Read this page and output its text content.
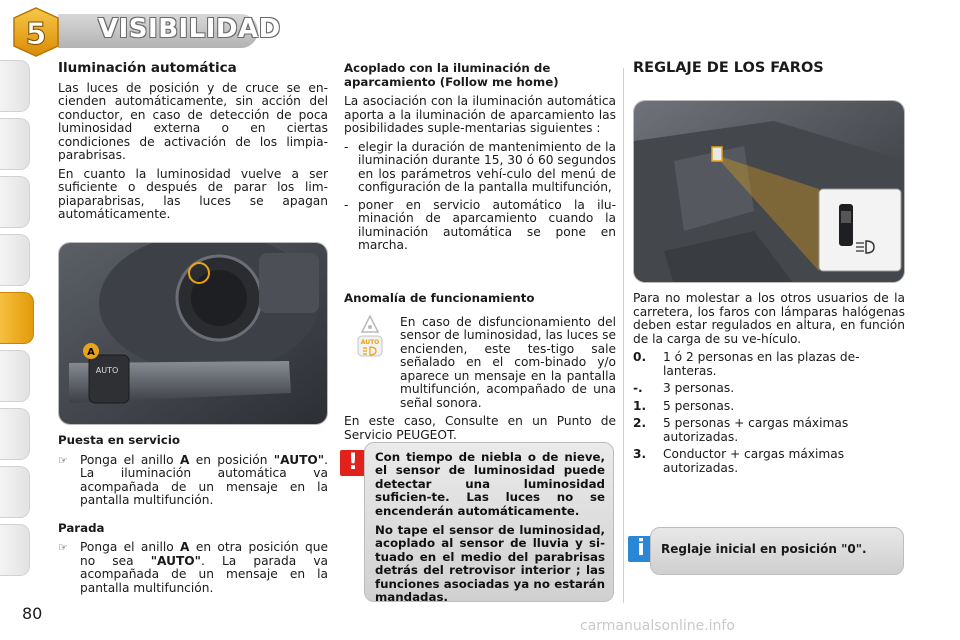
5 VISIBILIDAD
Iluminación automática

Las luces de posición y de cruce se en-cienden automáticamente, sin acción del conductor, en caso de detección de poca luminosidad externa o en ciertas condiciones de activación de los limpia-parabrisas.

En cuanto la luminosidad vuelve a ser suficiente o después de parar los lim-piaparabrisas, las luces se apagan automáticamente.

AUTO
A
Puesta en servicio
☞ Ponga el anillo A en posición "AUTO". La iluminación automática va acompañada de un mensaje en la pantalla multifunción.
Parada
☞ Ponga el anillo A en otra posición que no sea "AUTO". La parada va acompañada de un mensaje en la pantalla multifunción.
Acoplado con la iluminación de aparcamiento (Follow me home)

La asociación con la iluminación automática aporta a la iluminación de aparcamiento las posibilidades suple-mentarias siguientes :

- elegir la duración de mantenimiento de la iluminación durante 15, 30 ó 60 segundos en los parámetros vehí-culo del menú de configuración de la pantalla multifunción,
- poner en servicio automático la ilu-minación de aparcamiento cuando la iluminación automática se pone en marcha.
Anomalía de funcionamiento

En caso de disfuncionamiento del sensor de luminosidad, las luces se encienden, este tes-tigo sale señalado en el com-binado y/o aparece un mensaje en la pantalla multifunción, acompañado de una señal sonora.

En este caso, Consulte en un Punto de Servicio PEUGEOT.

AUTO
!	Con tiempo de niebla o de nieve, el sensor de luminosidad puede detectar una luminosidad suficien-te. Las luces no se encenderán automáticamente.

No tape el sensor de luminosidad, acoplado al sensor de lluvia y si-tuado en el medio del parabrisas detrás del retrovisor interior ; las funciones asociadas ya no estarán mandadas.

REGLAJE DE LOS FAROS

Para no molestar a los otros usuarios de la carretera, los faros con lámparas halógenas deben estar regulados en altura, en función de la carga de su ve-hículo.

0.	1 ó 2 personas en las plazas de-lanteras.
-.	3 personas.
1.	5 personas.
2.	5 personas + cargas máximas autorizadas.
3.	Conductor + cargas máximas autorizadas.
i	Reglaje inicial en posición "0".
80
carmanualsonline.info
